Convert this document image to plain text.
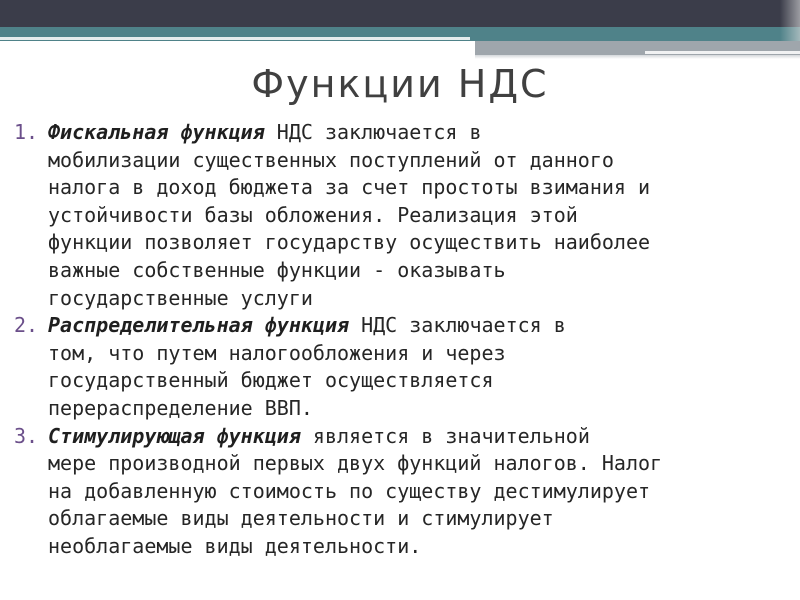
Функции НДС
1. Фискальная функция НДС заключается в
мобилизации существенных поступлений от данного
налога в доход бюджета за счет простоты взимания и
устойчивости базы обложения. Реализация этой
функции позволяет государству осуществить наиболее
важные собственные функции - оказывать
государственные услуги
2. Распределительная функция НДС заключается в
том, что путем налогообложения и через
государственный бюджет осуществляется
перераспределение ВВП.
3. Стимулирующая функция является в значительной
мере производной первых двух функций налогов. Налог
на добавленную стоимость по существу дестимулирует
облагаемые виды деятельности и стимулирует
необлагаемые виды деятельности.
